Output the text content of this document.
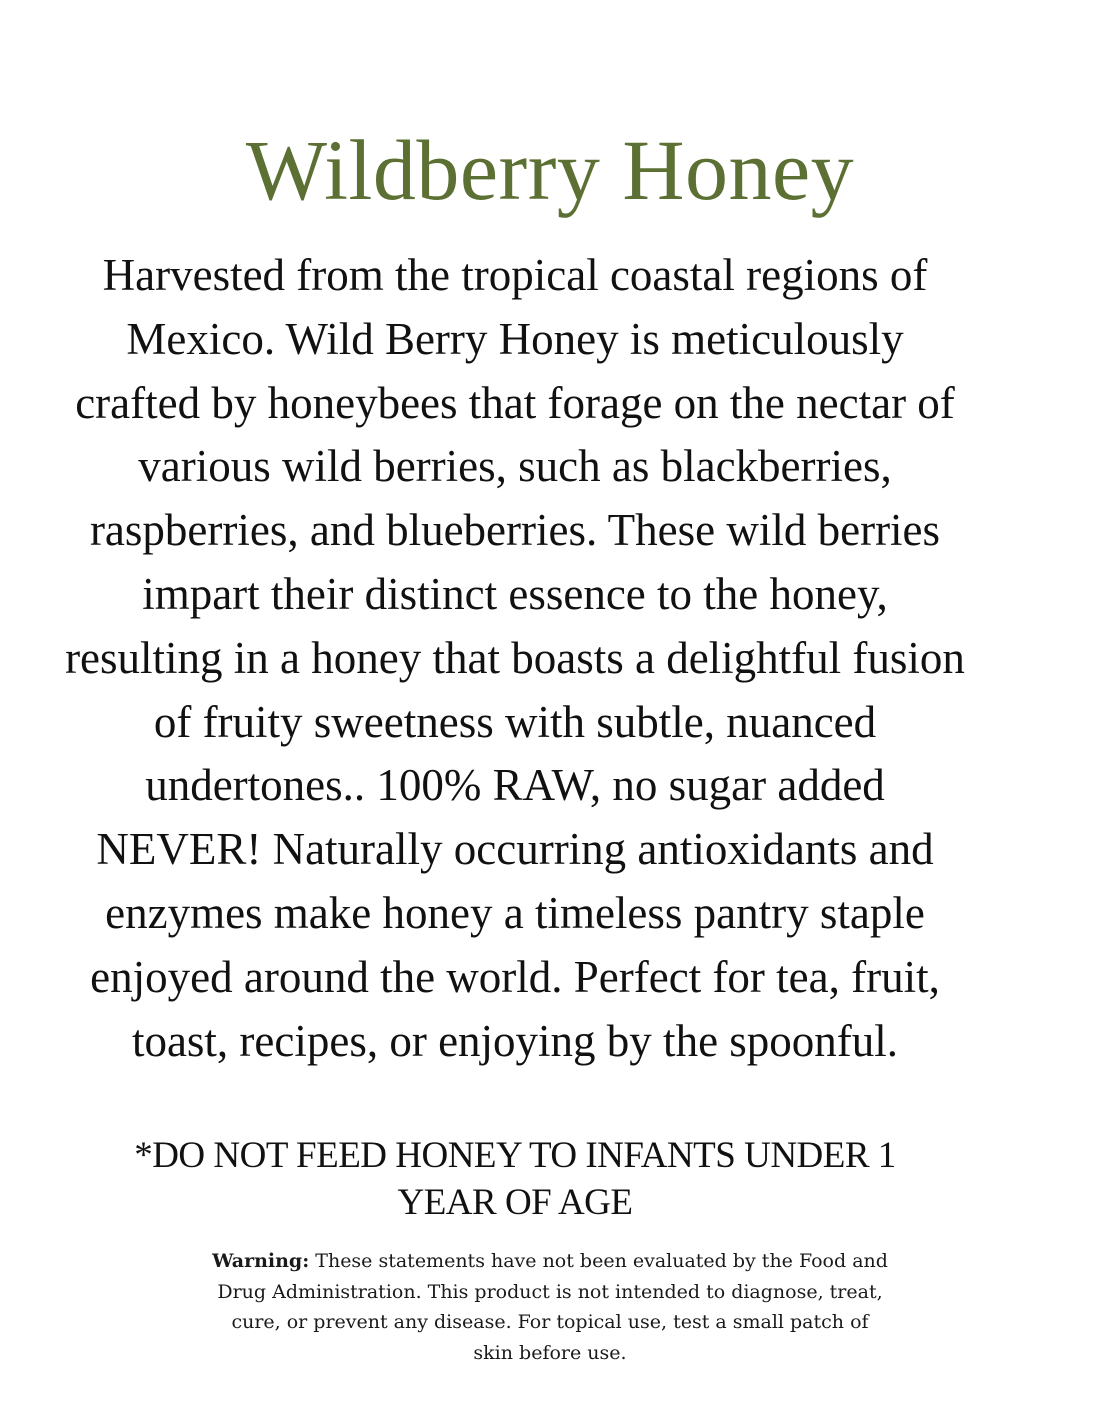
Wildberry Honey

Harvested from the tropical coastal regions of Mexico. Wild Berry Honey is meticulously crafted by honeybees that forage on the nectar of various wild berries, such as blackberries, raspberries, and blueberries. These wild berries impart their distinct essence to the honey, resulting in a honey that boasts a delightful fusion of fruity sweetness with subtle, nuanced undertones.. 100% RAW, no sugar added NEVER! Naturally occurring antioxidants and enzymes make honey a timeless pantry staple enjoyed around the world. Perfect for tea, fruit, toast, recipes, or enjoying by the spoonful.

*DO NOT FEED HONEY TO INFANTS UNDER 1 YEAR OF AGE

Warning: These statements have not been evaluated by the Food and Drug Administration. This product is not intended to diagnose, treat, cure, or prevent any disease. For topical use, test a small patch of skin before use.
